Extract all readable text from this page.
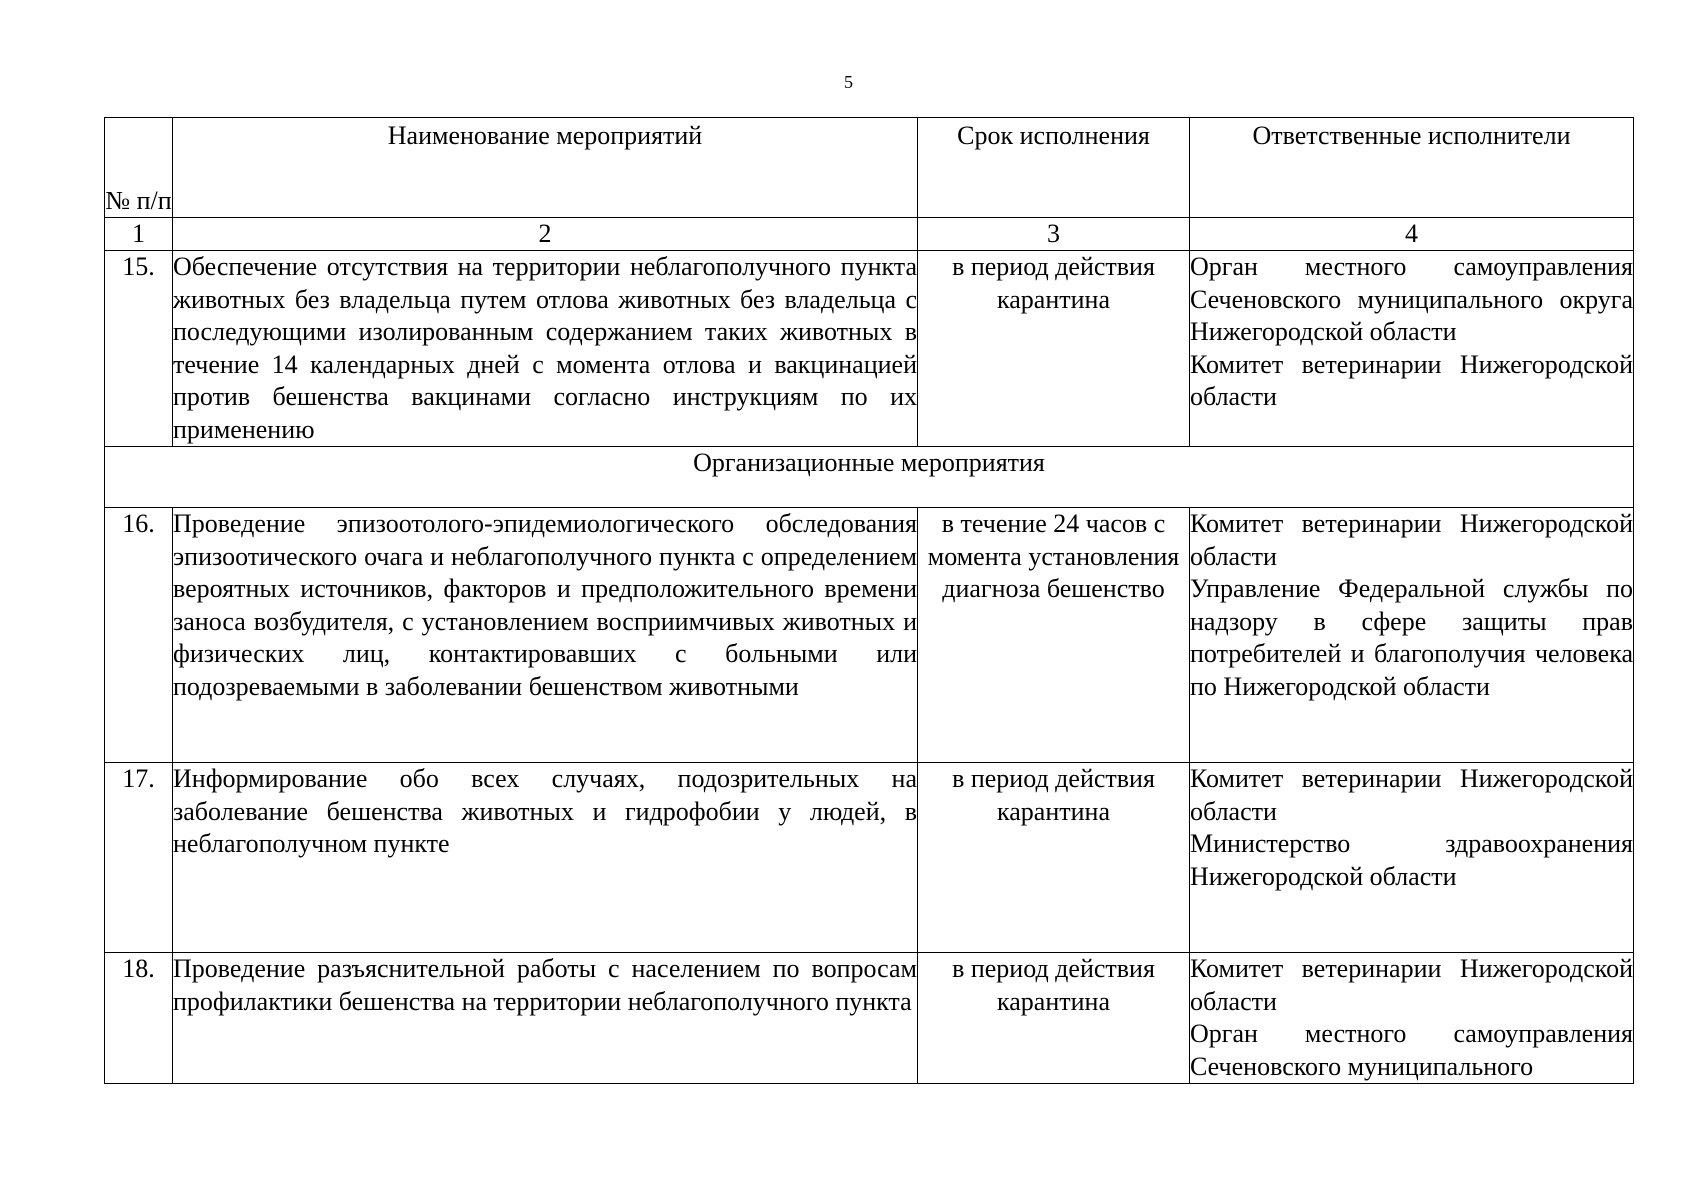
5
№ п/п	Наименование мероприятий	Срок исполнения	Ответственные исполнители
1	2	3	4
15.	Обеспечение отсутствия на территории неблагополучного пункта животных без владельца путем отлова животных без владельца с последующими изолированным содержанием таких животных в течение 14 календарных дней с момента отлова и вакцинацией против бешенства вакцинами согласно инструкциям по их применению	в период действия карантина	Орган местного самоуправления Сеченовского муниципального округа Нижегородской области
Комитет ветеринарии Нижегородской области

Организационные мероприятия			
16.	Проведение эпизоотолого-эпидемиологического обследования эпизоотического очага и неблагополучного пункта с определением вероятных источников, факторов и предположительного времени заноса возбудителя, с установлением восприимчивых животных и физических лиц, контактировавших с больными или подозреваемыми в заболевании бешенством животными	в течение 24 часов с момента установления диагноза бешенство	Комитет ветеринарии Нижегородской области
Управление Федеральной службы по надзору в сфере защиты прав потребителей и благополучия человека по Нижегородской области

17.	Информирование обо всех случаях, подозрительных на заболевание бешенства животных и гидрофобии у людей, в неблагополучном пункте	в период действия карантина	Комитет ветеринарии Нижегородской области
Министерство здравоохранения Нижегородской области

18.	Проведение разъяснительной работы с населением по вопросам профилактики бешенства на территории неблагополучного пункта	в период действия карантина	Комитет ветеринарии Нижегородской области
Орган местного самоуправления Сеченовского муниципального
